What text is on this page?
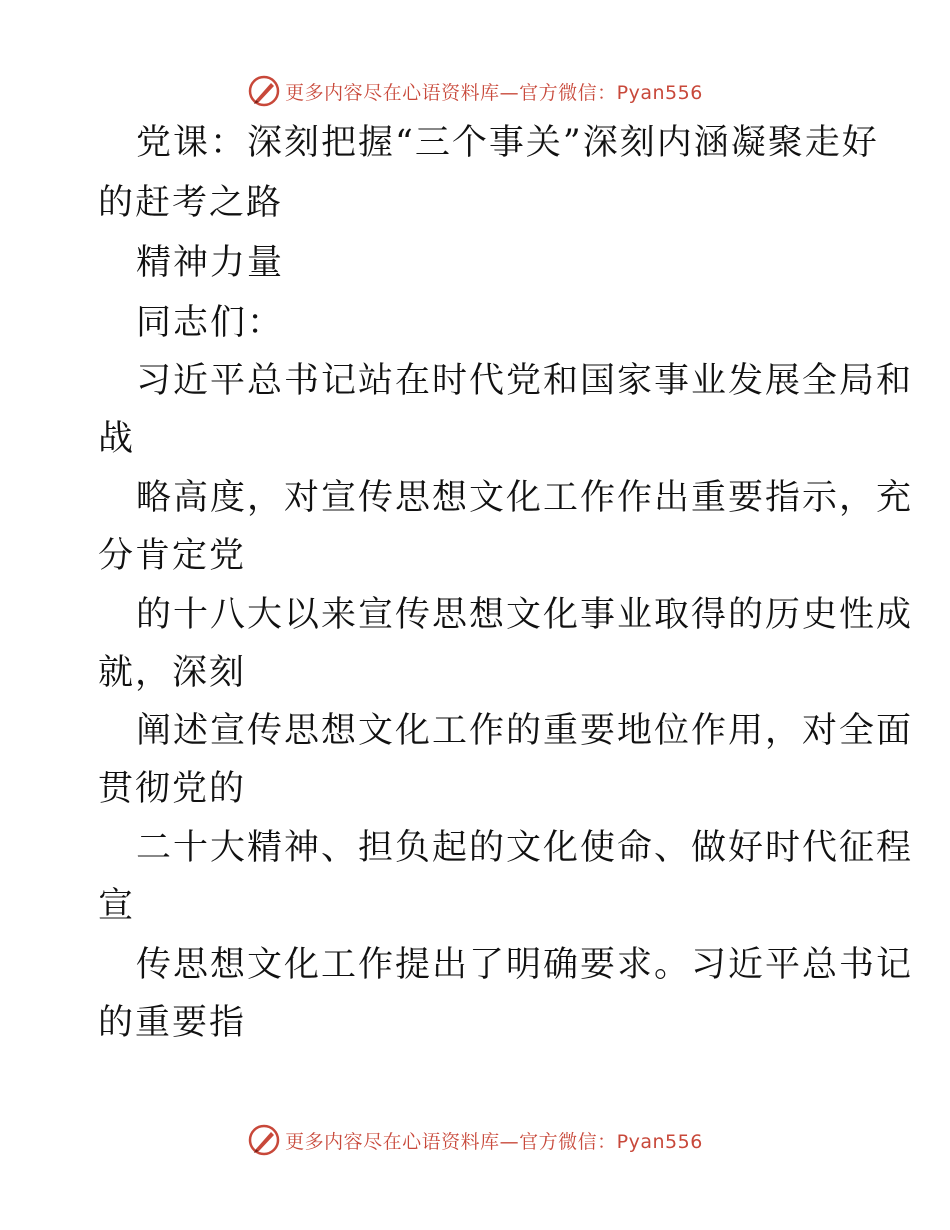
更多内容尽在心语资料库—官方微信：Pyan556
党课：深刻把握“三个事关”深刻内涵凝聚走好
的赶考之路
精神力量
同志们：
习近平总书记站在时代党和国家事业发展全局和
战
略高度，对宣传思想文化工作作出重要指示，充
分肯定党
的十八大以来宣传思想文化事业取得的历史性成
就，深刻
阐述宣传思想文化工作的重要地位作用，对全面
贯彻党的
二十大精神、担负起的文化使命、做好时代征程
宣
传思想文化工作提出了明确要求。习近平总书记
的重要指
更多内容尽在心语资料库—官方微信：Pyan556
